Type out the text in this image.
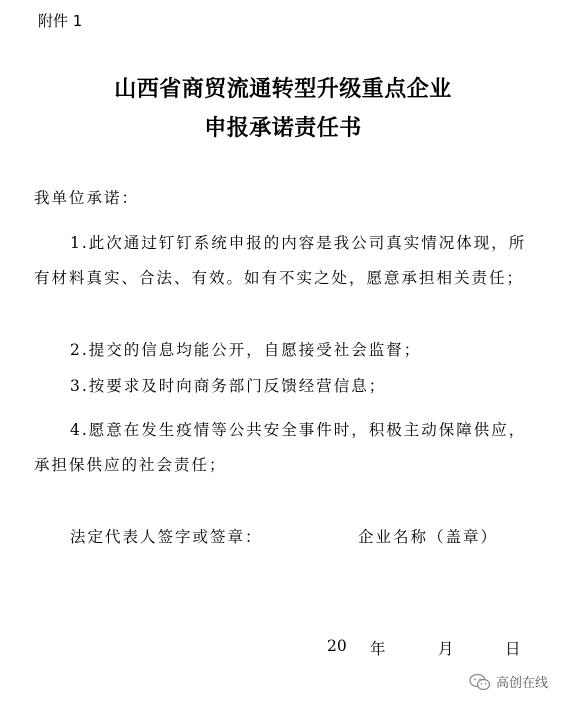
附件 1
山西省商贸流通转型升级重点企业
申报承诺责任书
我单位承诺：
1.此次通过钉钉系统申报的内容是我公司真实情况体现，所有材料真实、合法、有效。如有不实之处，愿意承担相关责任；
2.提交的信息均能公开，自愿接受社会监督；
3.按要求及时向商务部门反馈经营信息；
4.愿意在发生疫情等公共安全事件时，积极主动保障供应，承担保供应的社会责任；
法定代表人签字或签章：	企业名称（盖章）
20 年	月	日
高创在线
